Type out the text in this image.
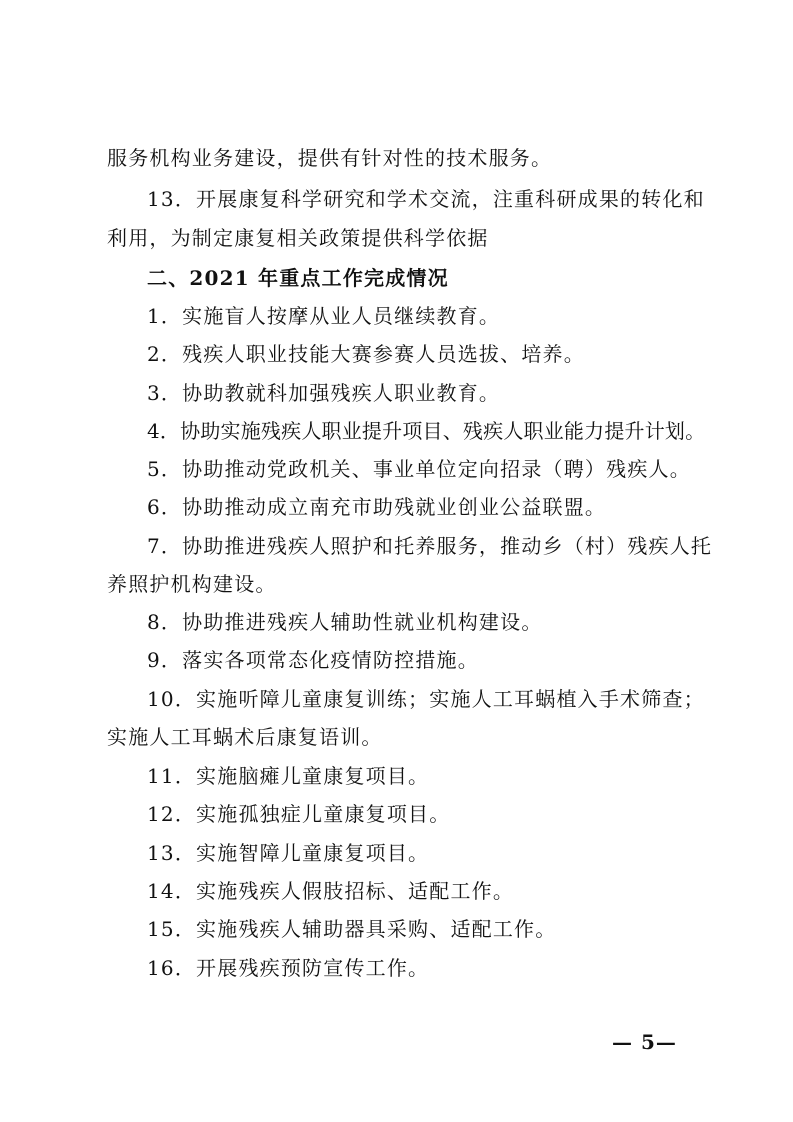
服务机构业务建设，提供有针对性的技术服务。
13．开展康复科学研究和学术交流，注重科研成果的转化和
利用，为制定康复相关政策提供科学依据
二、2021 年重点工作完成情况
1．实施盲人按摩从业人员继续教育。
2．残疾人职业技能大赛参赛人员选拔、培养。
3．协助教就科加强残疾人职业教育。
4．协助实施残疾人职业提升项目、残疾人职业能力提升计划。
5．协助推动党政机关、事业单位定向招录（聘）残疾人。
6．协助推动成立南充市助残就业创业公益联盟。
7．协助推进残疾人照护和托养服务，推动乡（村）残疾人托
养照护机构建设。
8．协助推进残疾人辅助性就业机构建设。
9．落实各项常态化疫情防控措施。
10．实施听障儿童康复训练；实施人工耳蜗植入手术筛查；
实施人工耳蜗术后康复语训。
11．实施脑瘫儿童康复项目。
12．实施孤独症儿童康复项目。
13．实施智障儿童康复项目。
14．实施残疾人假肢招标、适配工作。
15．实施残疾人辅助器具采购、适配工作。
16．开展残疾预防宣传工作。
— 5—
